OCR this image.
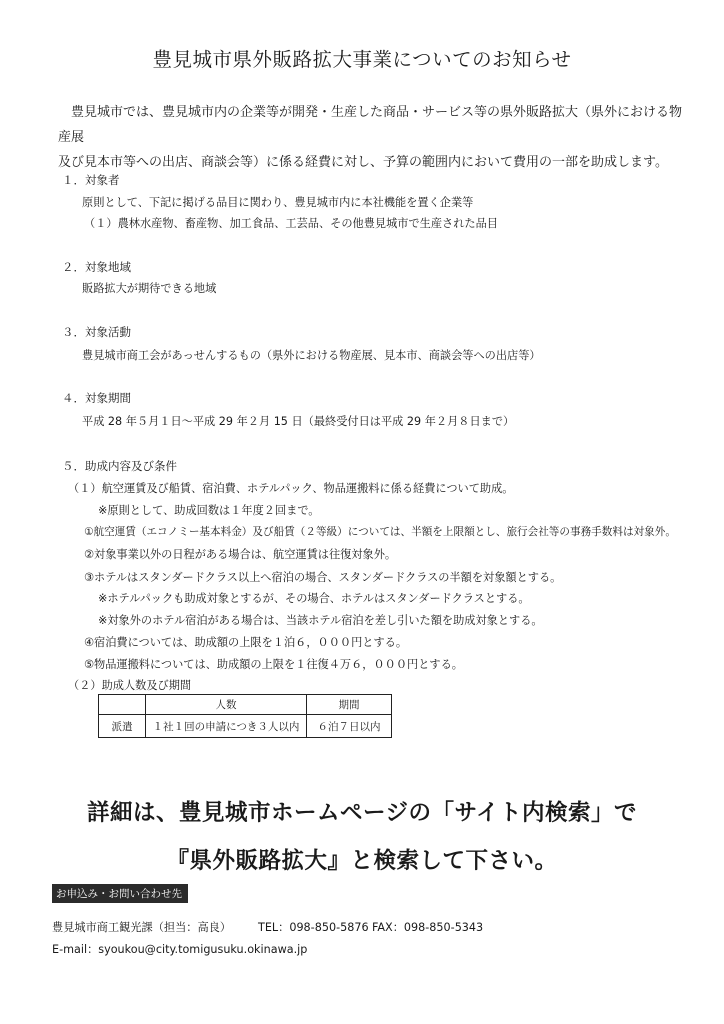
豊見城市県外販路拡大事業についてのお知らせ

豊見城市では、豊見城市内の企業等が開発・生産した商品・サービス等の県外販路拡大（県外における物産展

及び見本市等への出店、商談会等）に係る経費に対し、予算の範囲内において費用の一部を助成します。

１．対象者
原則として、下記に掲げる品目に関わり、豊見城市内に本社機能を置く企業等
（１）農林水産物、畜産物、加工食品、工芸品、その他豊見城市で生産された品目
２．対象地域
販路拡大が期待できる地域
３．対象活動
豊見城市商工会があっせんするもの（県外における物産展、見本市、商談会等への出店等）
４．対象期間
平成 28 年５月１日～平成 29 年２月 15 日（最終受付日は平成 29 年２月８日まで）
５．助成内容及び条件
（１）航空運賃及び船賃、宿泊費、ホテルパック、物品運搬料に係る経費について助成。
※原則として、助成回数は１年度２回まで。
①航空運賃（エコノミー基本料金）及び船賃（２等級）については、半額を上限額とし、旅行会社等の事務手数料は対象外。
②対象事業以外の日程がある場合は、航空運賃は往復対象外。
③ホテルはスタンダードクラス以上へ宿泊の場合、スタンダードクラスの半額を対象額とする。
※ホテルパックも助成対象とするが、その場合、ホテルはスタンダードクラスとする。
※対象外のホテル宿泊がある場合は、当該ホテル宿泊を差し引いた額を助成対象とする。
④宿泊費については、助成額の上限を１泊６，０００円とする。
⑤物品運搬料については、助成額の上限を１往復４万６，０００円とする。
（２）助成人数及び期間
	人数	期間
派遣	１社１回の申請につき３人以内	６泊７日以内
詳細は、豊見城市ホームページの「サイト内検索」で
『県外販路拡大』と検索して下さい。
お申込み・お問い合わせ先
豊見城市商工観光課（担当：高良） TEL：098-850-5876 FAX：098-850-5343
E-mail：syoukou@city.tomigusuku.okinawa.jp
